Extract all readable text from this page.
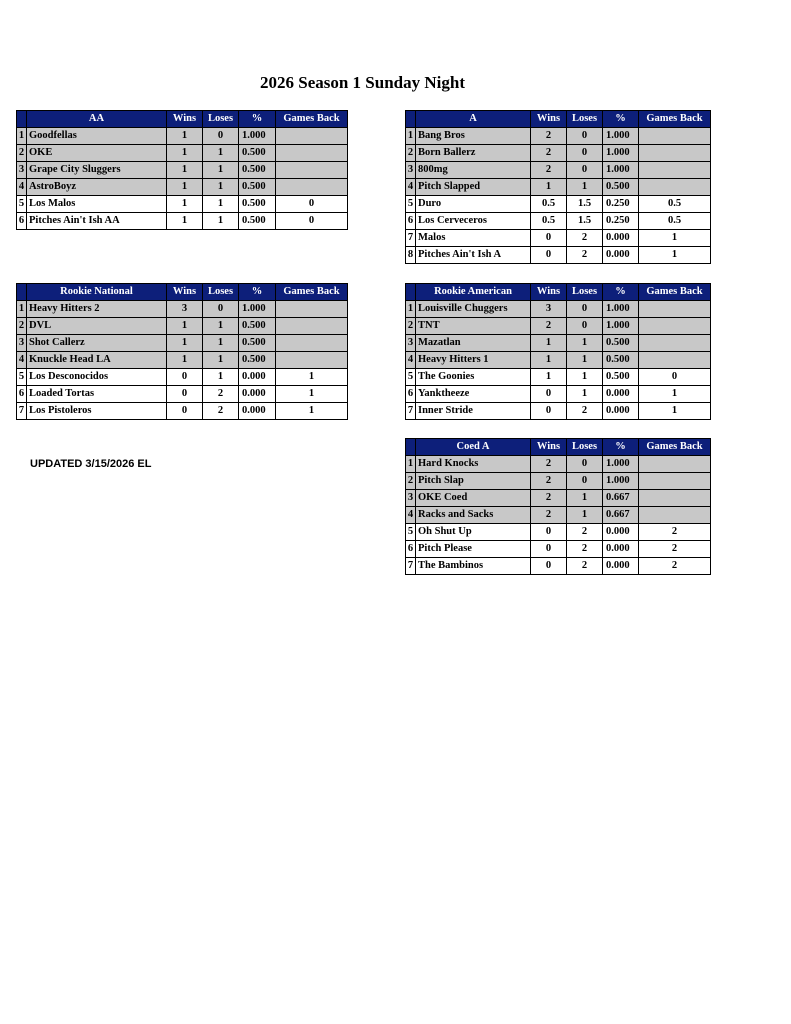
2026 Season 1 Sunday Night
	AA	Wins	Loses	%	Games Back
1	Goodfellas	1	0	1.000	
2	OKE	1	1	0.500	
3	Grape City Sluggers	1	1	0.500	
4	AstroBoyz	1	1	0.500	
5	Los Malos	1	1	0.500	0
6	Pitches Ain't Ish AA	1	1	0.500	0
	A	Wins	Loses	%	Games Back
1	Bang Bros	2	0	1.000	
2	Born Ballerz	2	0	1.000	
3	800mg	2	0	1.000	
4	Pitch Slapped	1	1	0.500	
5	Duro	0.5	1.5	0.250	0.5
6	Los Cerveceros	0.5	1.5	0.250	0.5
7	Malos	0	2	0.000	1
8	Pitches Ain't Ish A	0	2	0.000	1
	Rookie National	Wins	Loses	%	Games Back
1	Heavy Hitters 2	3	0	1.000	
2	DVL	1	1	0.500	
3	Shot Callerz	1	1	0.500	
4	Knuckle Head LA	1	1	0.500	
5	Los Desconocidos	0	1	0.000	1
6	Loaded Tortas	0	2	0.000	1
7	Los Pistoleros	0	2	0.000	1
	Rookie American	Wins	Loses	%	Games Back
1	Louisville Chuggers	3	0	1.000	
2	TNT	2	0	1.000	
3	Mazatlan	1	1	0.500	
4	Heavy Hitters 1	1	1	0.500	
5	The Goonies	1	1	0.500	0
6	Yanktheeze	0	1	0.000	1
7	Inner Stride	0	2	0.000	1
	Coed A	Wins	Loses	%	Games Back
1	Hard Knocks	2	0	1.000	
2	Pitch Slap	2	0	1.000	
3	OKE Coed	2	1	0.667	
4	Racks and Sacks	2	1	0.667	
5	Oh Shut Up	0	2	0.000	2
6	Pitch Please	0	2	0.000	2
7	The Bambinos	0	2	0.000	2
UPDATED 3/15/2026 EL
